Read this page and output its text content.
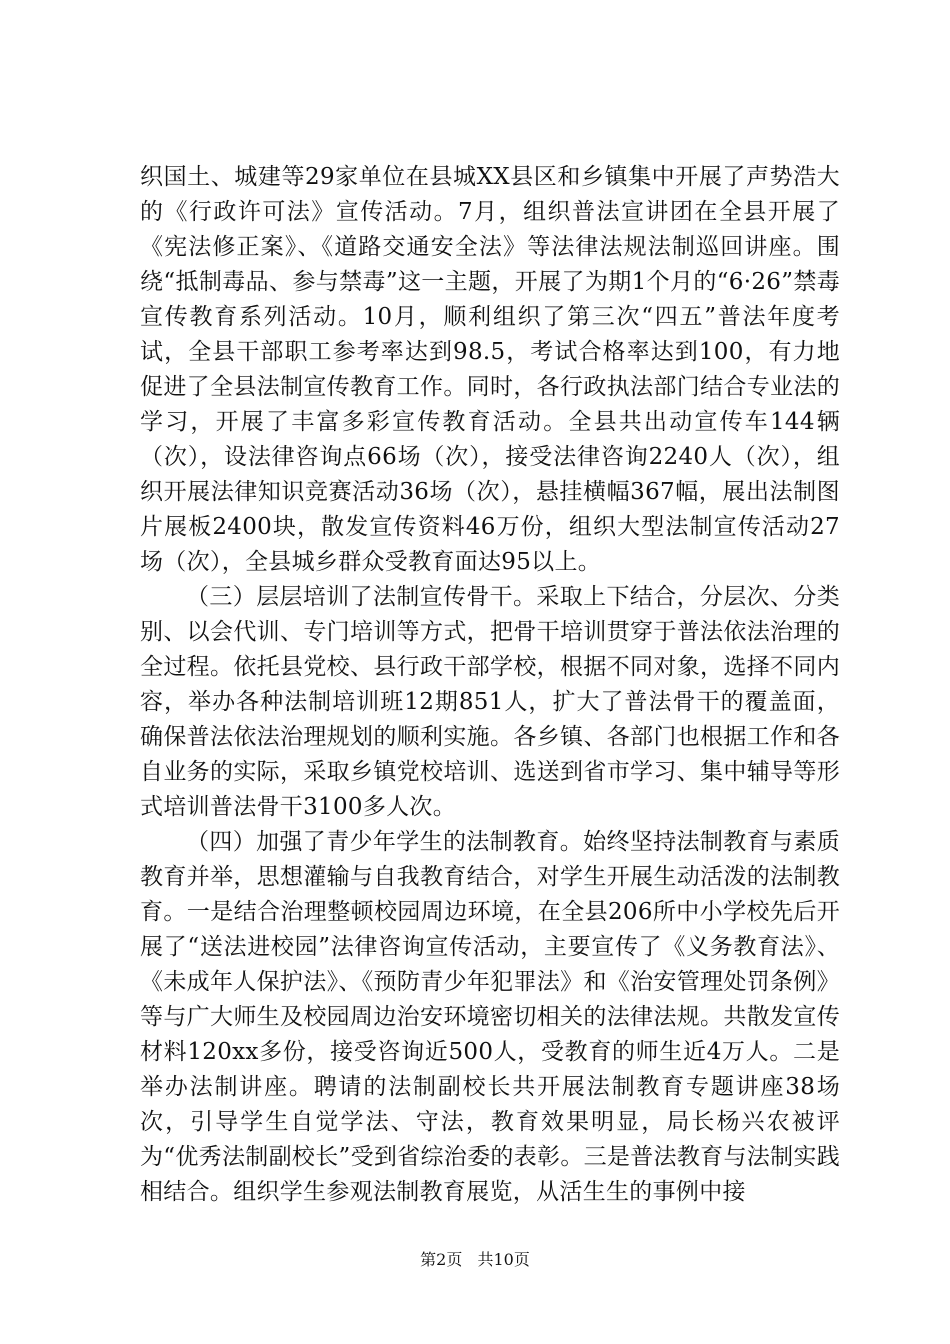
织国土、城建等29家单位在县城XX县区和乡镇集中开展了声势浩大的《行政许可法》宣传活动。7月，组织普法宣讲团在全县开展了《宪法修正案》、《道路交通安全法》等法律法规法制巡回讲座。围绕“抵制毒品、参与禁毒”这一主题，开展了为期1个月的“6·26”禁毒宣传教育系列活动。10月，顺利组织了第三次“四五”普法年度考试，全县干部职工参考率达到98.5，考试合格率达到100，有力地促进了全县法制宣传教育工作。同时，各行政执法部门结合专业法的学习，开展了丰富多彩宣传教育活动。全县共出动宣传车144辆（次），设法律咨询点66场（次），接受法律咨询2240人（次），组织开展法律知识竞赛活动36场（次），悬挂横幅367幅，展出法制图片展板2400块，散发宣传资料46万份，组织大型法制宣传活动27场（次），全县城乡群众受教育面达95以上。

（三）层层培训了法制宣传骨干。采取上下结合，分层次、分类别、以会代训、专门培训等方式，把骨干培训贯穿于普法依法治理的全过程。依托县党校、县行政干部学校，根据不同对象，选择不同内容，举办各种法制培训班12期851人，扩大了普法骨干的覆盖面，确保普法依法治理规划的顺利实施。各乡镇、各部门也根据工作和各自业务的实际，采取乡镇党校培训、选送到省市学习、集中辅导等形式培训普法骨干3100多人次。

（四）加强了青少年学生的法制教育。始终坚持法制教育与素质教育并举，思想灌输与自我教育结合，对学生开展生动活泼的法制教育。一是结合治理整顿校园周边环境，在全县206所中小学校先后开展了“送法进校园”法律咨询宣传活动，主要宣传了《义务教育法》、《未成年人保护法》、《预防青少年犯罪法》和《治安管理处罚条例》等与广大师生及校园周边治安环境密切相关的法律法规。共散发宣传材料120xx多份，接受咨询近500人，受教育的师生近4万人。二是举办法制讲座。聘请的法制副校长共开展法制教育专题讲座38场次，引导学生自觉学法、守法，教育效果明显，局长杨兴农被评为“优秀法制副校长”受到省综治委的表彰。三是普法教育与法制实践相结合。组织学生参观法制教育展览，从活生生的事例中接

第2页 共10页
